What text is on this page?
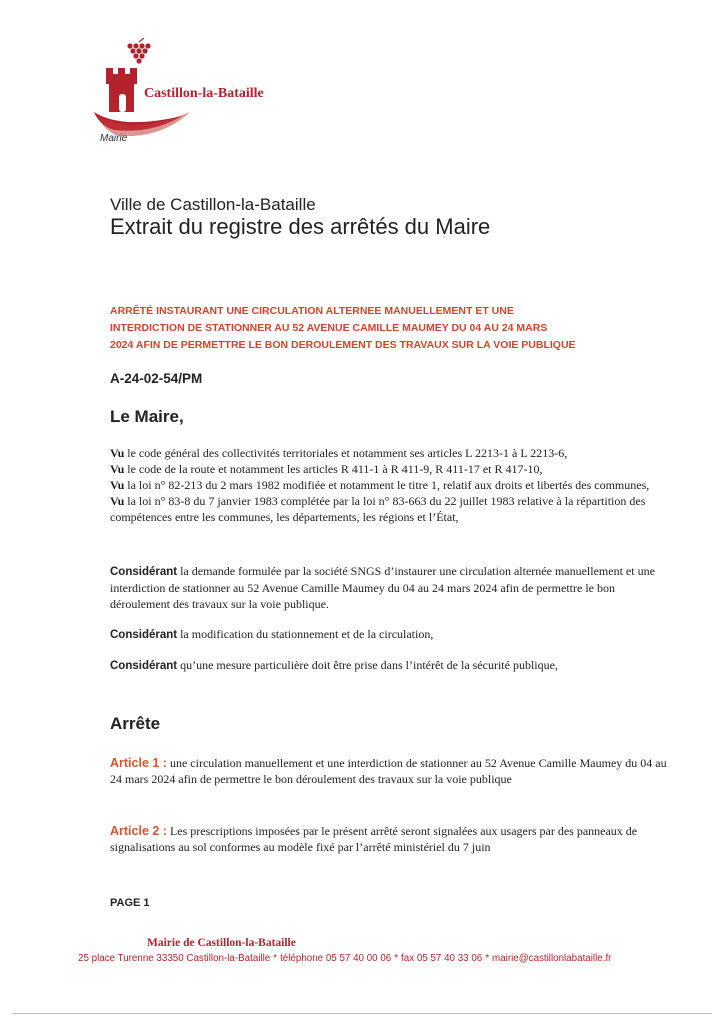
Castillon-la-Bataille
Mairie
Ville de Castillon-la-Bataille
Extrait du registre des arrêtés du Maire
ARRÊTÉ INSTAURANT UNE CIRCULATION ALTERNEE MANUELLEMENT ET UNE
INTERDICTION DE STATIONNER AU 52 AVENUE CAMILLE MAUMEY DU 04 AU 24 MARS
2024 AFIN DE PERMETTRE LE BON DEROULEMENT DES TRAVAUX SUR LA VOIE PUBLIQUE
A-24-02-54/PM
Le Maire,
Vu le code général des collectivités territoriales et notamment ses articles L 2213-1 à L 2213-6,
Vu le code de la route et notamment les articles R 411-1 à R 411-9, R 411-17 et R 417-10,
Vu la loi n° 82-213 du 2 mars 1982 modifiée et notamment le titre 1, relatif aux droits et libertés des communes,
Vu la loi n° 83-8 du 7 janvier 1983 complétée par la loi n° 83-663 du 22 juillet 1983 relative à la répartition des compétences entre les communes, les départements, les régions et l’État,
Considérant la demande formulée par la société SNGS d’instaurer une circulation alternée manuellement et une interdiction de stationner au 52 Avenue Camille Maumey du 04 au 24 mars 2024 afin de permettre le bon déroulement des travaux sur la voie publique.
Considérant la modification du stationnement et de la circulation,
Considérant qu’une mesure particulière doit être prise dans l’intérêt de la sécurité publique,
Arrête
Article 1 : une circulation manuellement et une interdiction de stationner au 52 Avenue Camille Maumey du 04 au 24 mars 2024 afin de permettre le bon déroulement des travaux sur la voie publique
Article 2 : Les prescriptions imposées par le présent arrêté seront signalées aux usagers par des panneaux de signalisations au sol conformes au modèle fixé par l’arrêté ministériel du 7 juin
PAGE 1
Mairie de Castillon-la-Bataille
25 place Turenne 33350 Castillon-la-Bataille * téléphone 05 57 40 00 06 * fax 05 57 40 33 06 * mairie@castillonlabataille.fr
